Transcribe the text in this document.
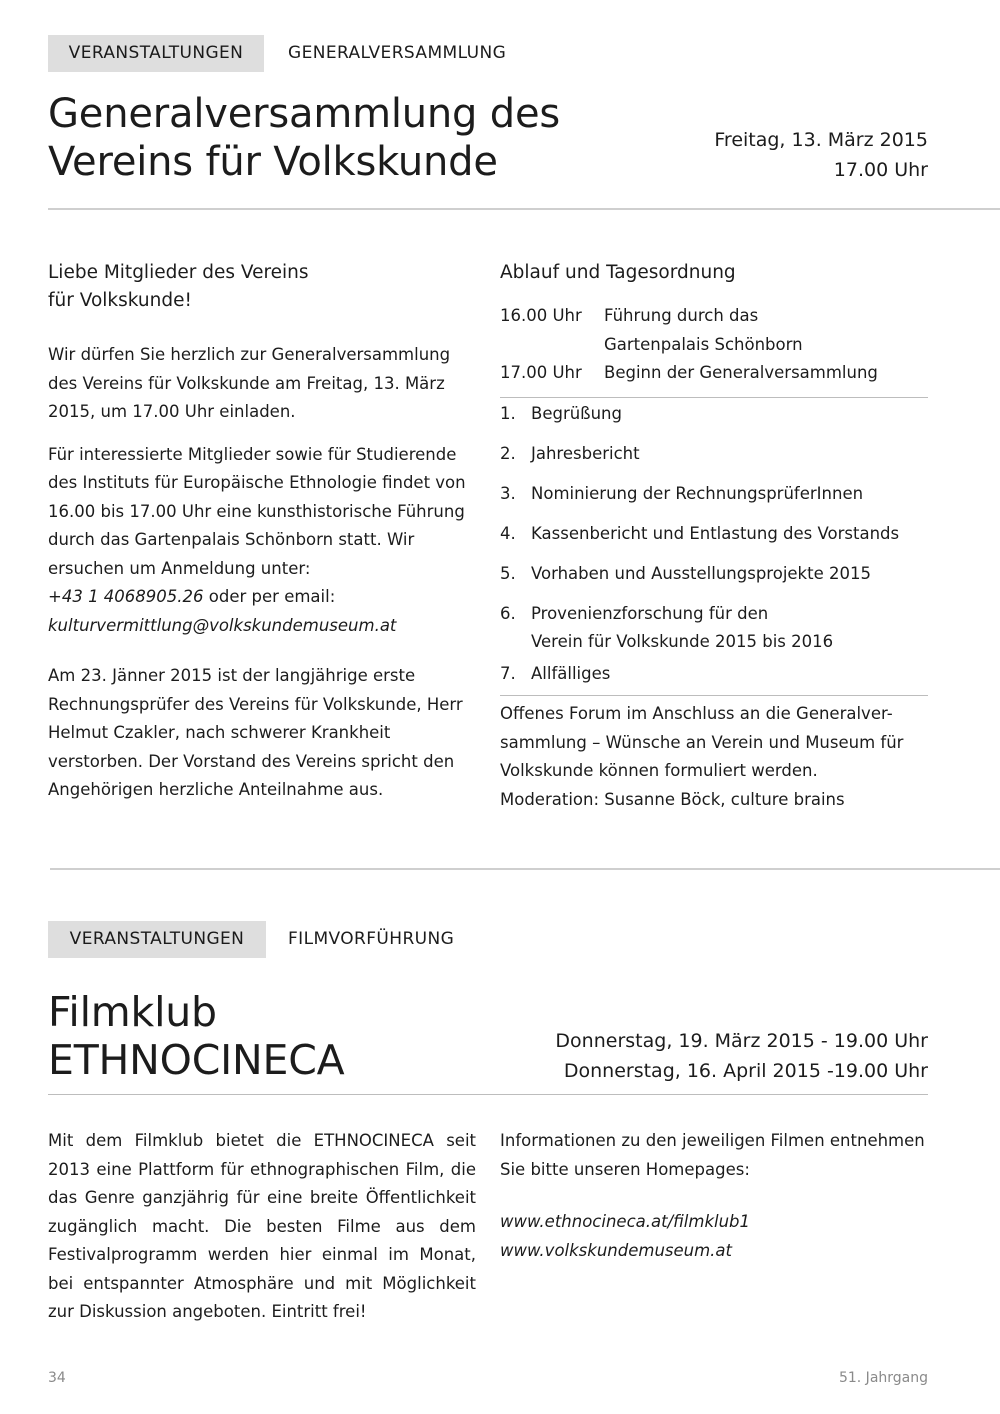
VERANSTALTUNGEN	GENERALVERSAMMLUNG
Generalversammlung des
Vereins für Volkskunde	Freitag, 13. März 2015
17.00 Uhr
Liebe Mitglieder des Vereins
für Volkskunde!

Wir dürfen Sie herzlich zur Generalversammlung des Vereins für Volkskunde am Freitag, 13. März 2015, um 17.00 Uhr einladen.

Für interessierte Mitglieder sowie für Studierende des Instituts für Europäische Ethnologie findet von 16.00 bis 17.00 Uhr eine kunsthistorische Führung durch das Gartenpalais Schönborn statt. Wir ersuchen um Anmeldung unter:
+43 1 4068905.26 oder per email:
kulturvermittlung@volkskundemuseum.at

Am 23. Jänner 2015 ist der langjährige erste Rechnungsprüfer des Vereins für Volkskunde, Herr Helmut Czakler, nach schwerer Krankheit verstorben. Der Vorstand des Vereins spricht den Angehörigen herzliche Anteilnahme aus.

Ablauf und Tagesordnung
16.00 Uhr	Führung durch das
Gartenpalais Schönborn

17.00 Uhr	Beginn der Generalversammlung
1. Begrüßung
2. Jahresbericht
3. Nominierung der RechnungsprüferInnen
4. Kassenbericht und Entlastung des Vorstands
5. Vorhaben und Ausstellungsprojekte 2015
6. Provenienzforschung für den
Verein für Volkskunde 2015 bis 2016
7. Allfälliges
Offenes Forum im Anschluss an die Generalver-
sammlung – Wünsche an Verein und Museum für
Volkskunde können formuliert werden.
Moderation: Susanne Böck, culture brains
VERANSTALTUNGEN	FILMVORFÜHRUNG
Filmklub
ETHNOCINECA	Donnerstag, 19. März 2015 - 19.00 Uhr
Donnerstag, 16. April 2015 -19.00 Uhr

Mit dem Filmklub bietet die ETHNOCINECA seit 2013 eine Plattform für ethnographischen Film, die das Genre ganzjährig für eine breite Öffentlichkeit zugänglich macht. Die besten Filme aus dem Festivalprogramm werden hier einmal im Monat, bei entspannter Atmosphäre und mit Möglichkeit zur Diskussion angeboten. Eintritt frei!

Informationen zu den jeweiligen Filmen entnehmen Sie bitte unseren Homepages:

www.ethnocineca.at/filmklub1
www.volkskundemuseum.at
34	51. Jahrgang
